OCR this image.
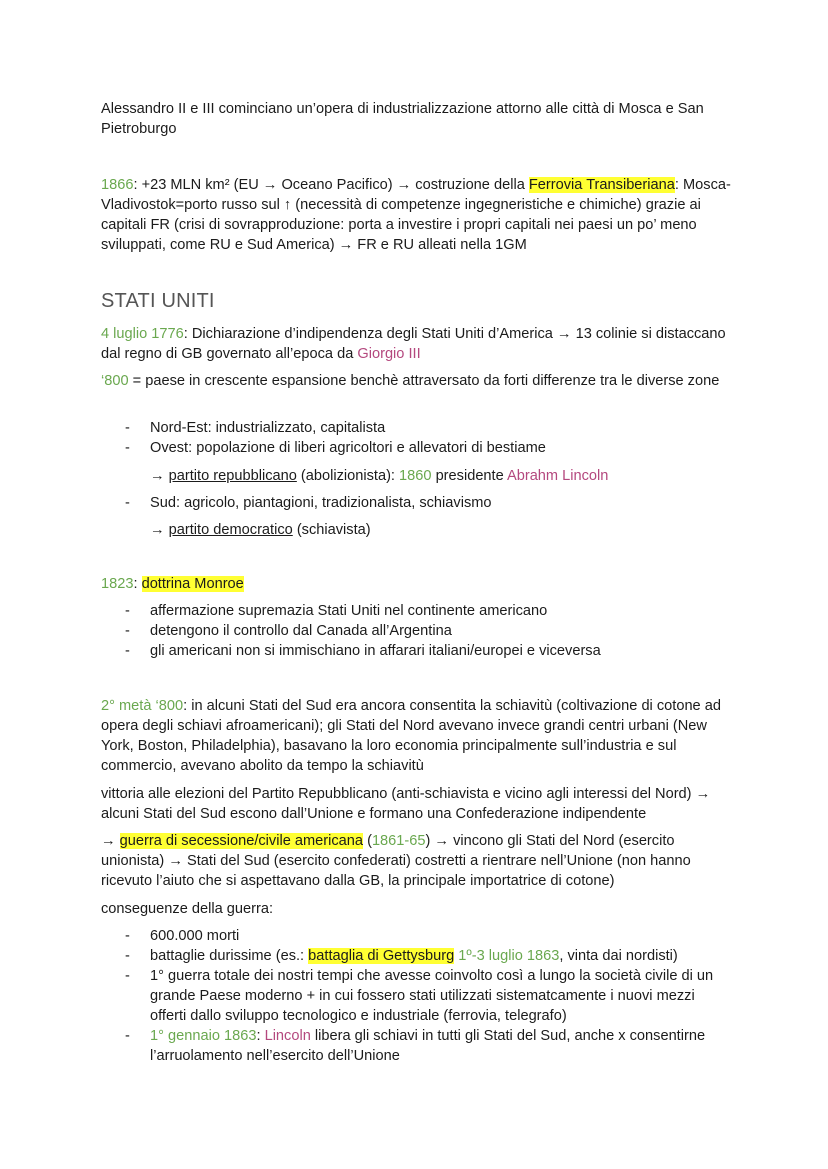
Alessandro II e III cominciano un’opera di industrializzazione attorno alle città di Mosca e San Pietroburgo

1866: +23 MLN km² (EU → Oceano Pacifico) → costruzione della Ferrovia Transiberiana: Mosca-Vladivostok=porto russo sul ↑ (necessità di competenze ingegneristiche e chimiche) grazie ai capitali FR (crisi di sovrapproduzione: porta a investire i propri capitali nei paesi un po’ meno sviluppati, come RU e Sud America) → FR e RU alleati nella 1GM

STATI UNITI

4 luglio 1776: Dichiarazione d’indipendenza degli Stati Uniti d’America → 13 colinie si distaccano dal regno di GB governato all’epoca da Giorgio III

‘800 = paese in crescente espansione benchè attraversato da forti differenze tra le diverse zone

- Nord-Est: industrializzato, capitalista
- Ovest: popolazione di liberi agricoltori e allevatori di bestiame

→ partito repubblicano (abolizionista): 1860 presidente Abrahm Lincoln

- Sud: agricolo, piantagioni, tradizionalista, schiavismo

→ partito democratico (schiavista)

1823: dottrina Monroe

- affermazione supremazia Stati Uniti nel continente americano
- detengono il controllo dal Canada all’Argentina
- gli americani non si immischiano in affarari italiani/europei e viceversa

2° metà ‘800: in alcuni Stati del Sud era ancora consentita la schiavitù (coltivazione di cotone ad opera degli schiavi afroamericani); gli Stati del Nord avevano invece grandi centri urbani (New York, Boston, Philadelphia), basavano la loro economia principalmente sull’industria e sul commercio, avevano abolito da tempo la schiavitù

vittoria alle elezioni del Partito Repubblicano (anti-schiavista e vicino agli interessi del Nord) → alcuni Stati del Sud escono dall’Unione e formano una Confederazione indipendente

→ guerra di secessione/civile americana (1861-65) → vincono gli Stati del Nord (esercito unionista) → Stati del Sud (esercito confederati) costretti a rientrare nell’Unione (non hanno ricevuto l’aiuto che si aspettavano dalla GB, la principale importatrice di cotone)

conseguenze della guerra:

- 600.000 morti
- battaglie durissime (es.: battaglia di Gettysburg 1º-3 luglio 1863, vinta dai nordisti)
- 1° guerra totale dei nostri tempi che avesse coinvolto così a lungo la società civile di un grande Paese moderno + in cui fossero stati utilizzati sistematcamente i nuovi mezzi offerti dallo sviluppo tecnologico e industriale (ferrovia, telegrafo)
- 1° gennaio 1863: Lincoln libera gli schiavi in tutti gli Stati del Sud, anche x consentirne l’arruolamento nell’esercito dell’Unione
